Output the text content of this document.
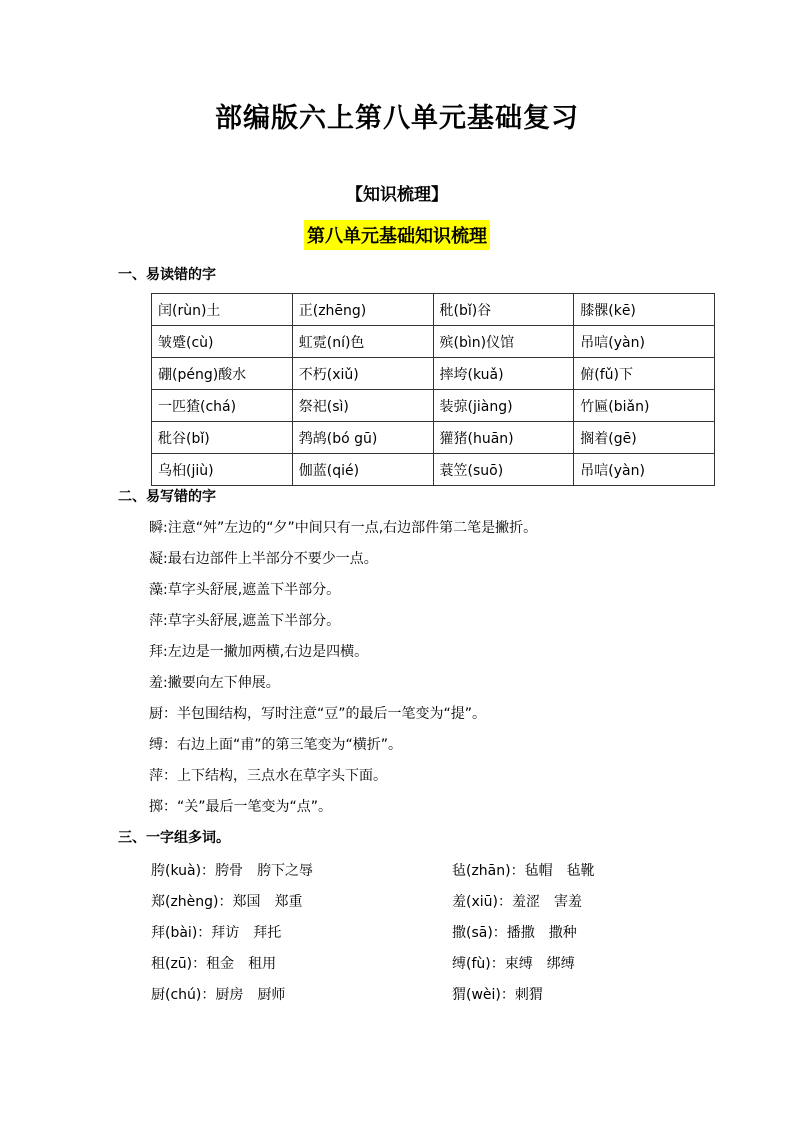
部编版六上第八单元基础复习
【知识梳理】
第八单元基础知识梳理
一、易读错的字
闰(rùn)土	正(zhēng)	秕(bǐ)谷	膝髁(kē)
皱蹙(cù)	虹霓(ní)色	殡(bìn)仪馆	吊唁(yàn)
硼(péng)酸水	不朽(xiǔ)	摔垮(kuǎ)	俯(fǔ)下
一匹猹(chá)	祭祀(sì)	装弶(jiàng)	竹匾(biǎn)
秕谷(bǐ)	鹁鸪(bó gū)	獾猪(huān)	搁着(gē)
乌桕(jiù)	伽蓝(qié)	蓑笠(suō)	吊唁(yàn)
二、易写错的字
瞬:注意“舛”左边的“夕”中间只有一点,右边部件第二笔是撇折。
凝:最右边部件上半部分不要少一点。
藻:草字头舒展,遮盖下半部分。
萍:草字头舒展,遮盖下半部分。
拜:左边是一撇加两横,右边是四横。
羞:撇要向左下伸展。
厨：半包围结构，写时注意“豆”的最后一笔变为“提”。
缚：右边上面“甫”的第三笔变为“横折”。
萍：上下结构，三点水在草字头下面。
掷：“关”最后一笔变为“点”。
三、一字组多词。
胯(kuà)：胯骨 胯下之辱
郑(zhèng)：郑国 郑重
拜(bài)：拜访 拜托
租(zū)：租金 租用
厨(chú)：厨房 厨师
毡(zhān)：毡帽 毡靴
羞(xiū)：羞涩 害羞
撒(sā)：播撒 撒种
缚(fù)：束缚 绑缚
猬(wèi)：刺猬
